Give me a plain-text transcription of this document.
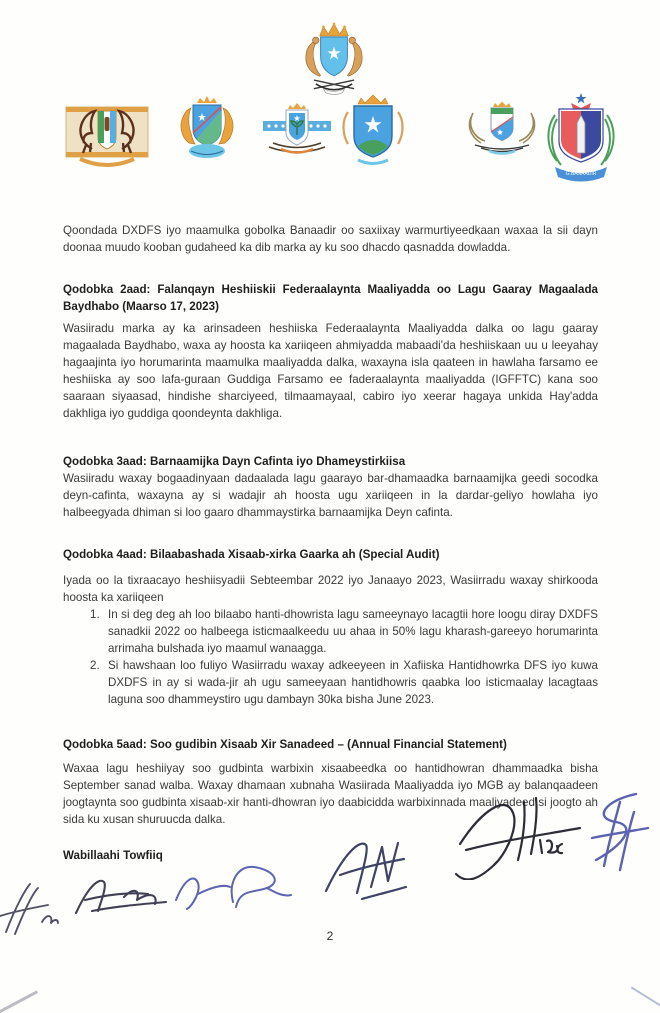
G.BANAADIR

Qoondada DXDFS iyo maamulka gobolka Banaadir oo saxiixay warmurtiyeedkaan waxaa la sii dayn doonaa muudo kooban gudaheed ka dib marka ay ku soo dhacdo qasnadda dowladda.

Qodobka 2aad: Falanqayn Heshiiskii Federaalaynta Maaliyadda oo Lagu Gaaray Magaalada Baydhabo (Maarso 17, 2023)

Wasiiradu marka ay ka arinsadeen heshiiska Federaalaynta Maaliyadda dalka oo lagu gaaray magaalada Baydhabo, waxa ay hoosta ka xariiqeen ahmiyadda mabaadi'da heshiiskaan uu u leeyahay hagaajinta iyo horumarinta maamulka maaliyadda dalka, waxayna isla qaateen in hawlaha farsamo ee heshiiska ay soo lafa-guraan Guddiga Farsamo ee faderaalaynta maaliyadda (IGFFTC) kana soo saaraan siyaasad, hindishe sharciyeed, tilmaamayaal, cabiro iyo xeerar hagaya unkida Hay'adda dakhliga iyo guddiga qoondeynta dakhliga.

Qodobka 3aad: Barnaamijka Dayn Cafinta iyo Dhameystirkiisa

Wasiiradu waxay bogaadinyaan dadaalada lagu gaarayo bar-dhamaadka barnaamijka geedi socodka deyn-cafinta, waxayna ay si wadajir ah hoosta ugu xariiqeen in la dardar-geliyo howlaha iyo halbeegyada dhiman si loo gaaro dhammaystirka barnaamijka Deyn cafinta.

Qodobka 4aad: Bilaabashada Xisaab-xirka Gaarka ah (Special Audit)

Iyada oo la tixraacayo heshiisyadii Sebteembar 2022 iyo Janaayo 2023, Wasiirradu waxay shirkooda hoosta ka xariiqeen

1. In si deg deg ah loo bilaabo hanti-dhowrista lagu sameeynayo lacagtii hore loogu diray DXDFS sanadkii 2022 oo halbeega isticmaalkeedu uu ahaa in 50% lagu kharash-gareeyo horumarinta arrimaha bulshada iyo maamul wanaagga.
2. Si hawshaan loo fuliyo Wasiirradu waxay adkeeyeen in Xafiiska Hantidhowrka DFS iyo kuwa DXDFS in ay si wada-jir ah ugu sameeyaan hantidhowris qaabka loo isticmaalay lacagtaas laguna soo dhammeystiro ugu dambayn 30ka bisha June 2023.

Qodobka 5aad: Soo gudibin Xisaab Xir Sanadeed – (Annual Financial Statement)

Waxaa lagu heshiiyay soo gudbinta warbixin xisaabeedka oo hantidhowran dhammaadka bisha September sanad walba. Waxay dhamaan xubnaha Wasiirada Maaliyadda iyo MGB ay balanqaadeen joogtaynta soo gudbinta xisaab-xir hanti-dhowran iyo daabicidda warbixinnada maaliyadeed si joogto ah sida ku xusan shuruucda dalka.

Wabillaahi Towfiiq

2
